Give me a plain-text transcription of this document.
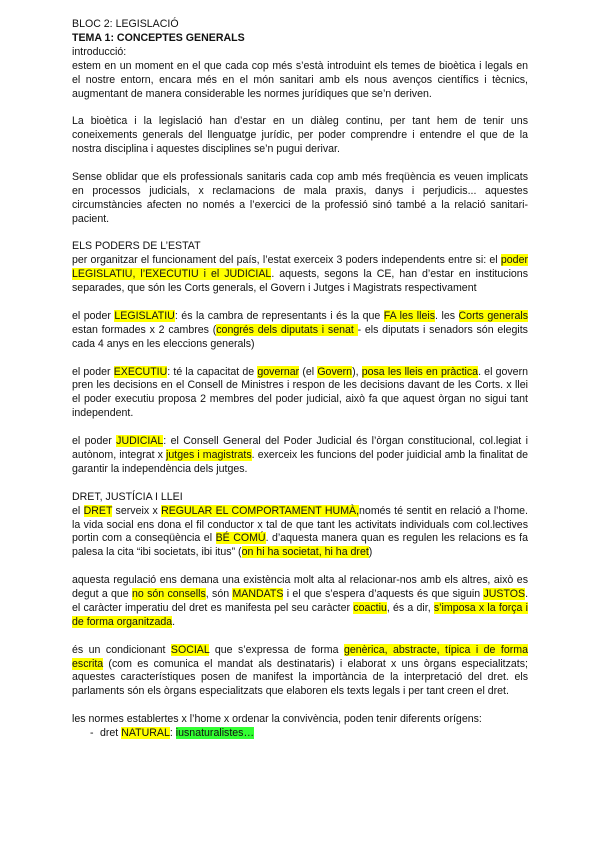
BLOC 2: LEGISLACIÓ
TEMA 1: CONCEPTES GENERALS
introducció:

estem en un moment en el que cada cop més s’està introduint els temes de bioètica i legals en el nostre entorn, encara més en el món sanitari amb els nous avenços científics i tècnics, augmentant de manera considerable les normes jurídiques que se’n deriven.

La bioètica i la legislació han d’estar en un diàleg continu, per tant hem de tenir uns coneixements generals del llenguatge jurídic, per poder comprendre i entendre el que de la nostra disciplina i aquestes disciplines se’n pugui derivar.

Sense oblidar que els professionals sanitaris cada cop amb més freqüència es veuen implicats en processos judicials, x reclamacions de mala praxis, danys i perjudicis... aquestes circumstàncies afecten no només a l’exercici de la professió sinó també a la relació sanitari-pacient.

ELS PODERS DE L’ESTAT

per organitzar el funcionament del país, l’estat exerceix 3 poders independents entre si: el poder LEGISLATIU, l’EXECUTIU i el JUDICIAL. aquests, segons la CE, han d’estar en institucions separades, que són les Corts generals, el Govern i Jutges i Magistrats respectivament

el poder LEGISLATIU: és la cambra de representants i és la que FA les lleis. les Corts generals estan formades x 2 cambres (congrés dels diputats i senat - els diputats i senadors són elegits cada 4 anys en les eleccions generals)

el poder EXECUTIU: té la capacitat de governar (el Govern), posa les lleis en pràctica. el govern pren les decisions en el Consell de Ministres i respon de les decisions davant de les Corts. x llei el poder executiu proposa 2 membres del poder judicial, això fa que aquest òrgan no sigui tant independent.

el poder JUDICIAL: el Consell General del Poder Judicial és l’òrgan constitucional, col.legiat i autònom, integrat x jutges i magistrats. exerceix les funcions del poder juidicial amb la finalitat de garantir la independència dels jutges.

DRET, JUSTÍCIA I LLEI

el DRET serveix x REGULAR EL COMPORTAMENT HUMÀ,només té sentit en relació a l’home. la vida social ens dona el fil conductor x tal de que tant les activitats individuals com col.lectives portin com a conseqüència el BÉ COMÚ. d’aquesta manera quan es regulen les relacions es fa palesa la cita “ibi societats, ibi itus” (on hi ha societat, hi ha dret)

aquesta regulació ens demana una existència molt alta al relacionar-nos amb els altres, això es degut a que no són consells, són MANDATS i el que s’espera d’aquests és que siguin JUSTOS. el caràcter imperatiu del dret es manifesta pel seu caràcter coactiu, és a dir, s’imposa x la força i de forma organitzada.

és un condicionant SOCIAL que s’expressa de forma genèrica, abstracte, típica i de forma escrita (com es comunica el mandat als destinataris) i elaborat x uns òrgans especialitzats; aquestes característiques posen de manifest la importància de la interpretació del dret. els parlaments són els òrgans especialitzats que elaboren els texts legals i per tant creen el dret.

les normes establertes x l’home x ordenar la convivència, poden tenir diferents orígens:

- dret NATURAL: iusnaturalistes…
